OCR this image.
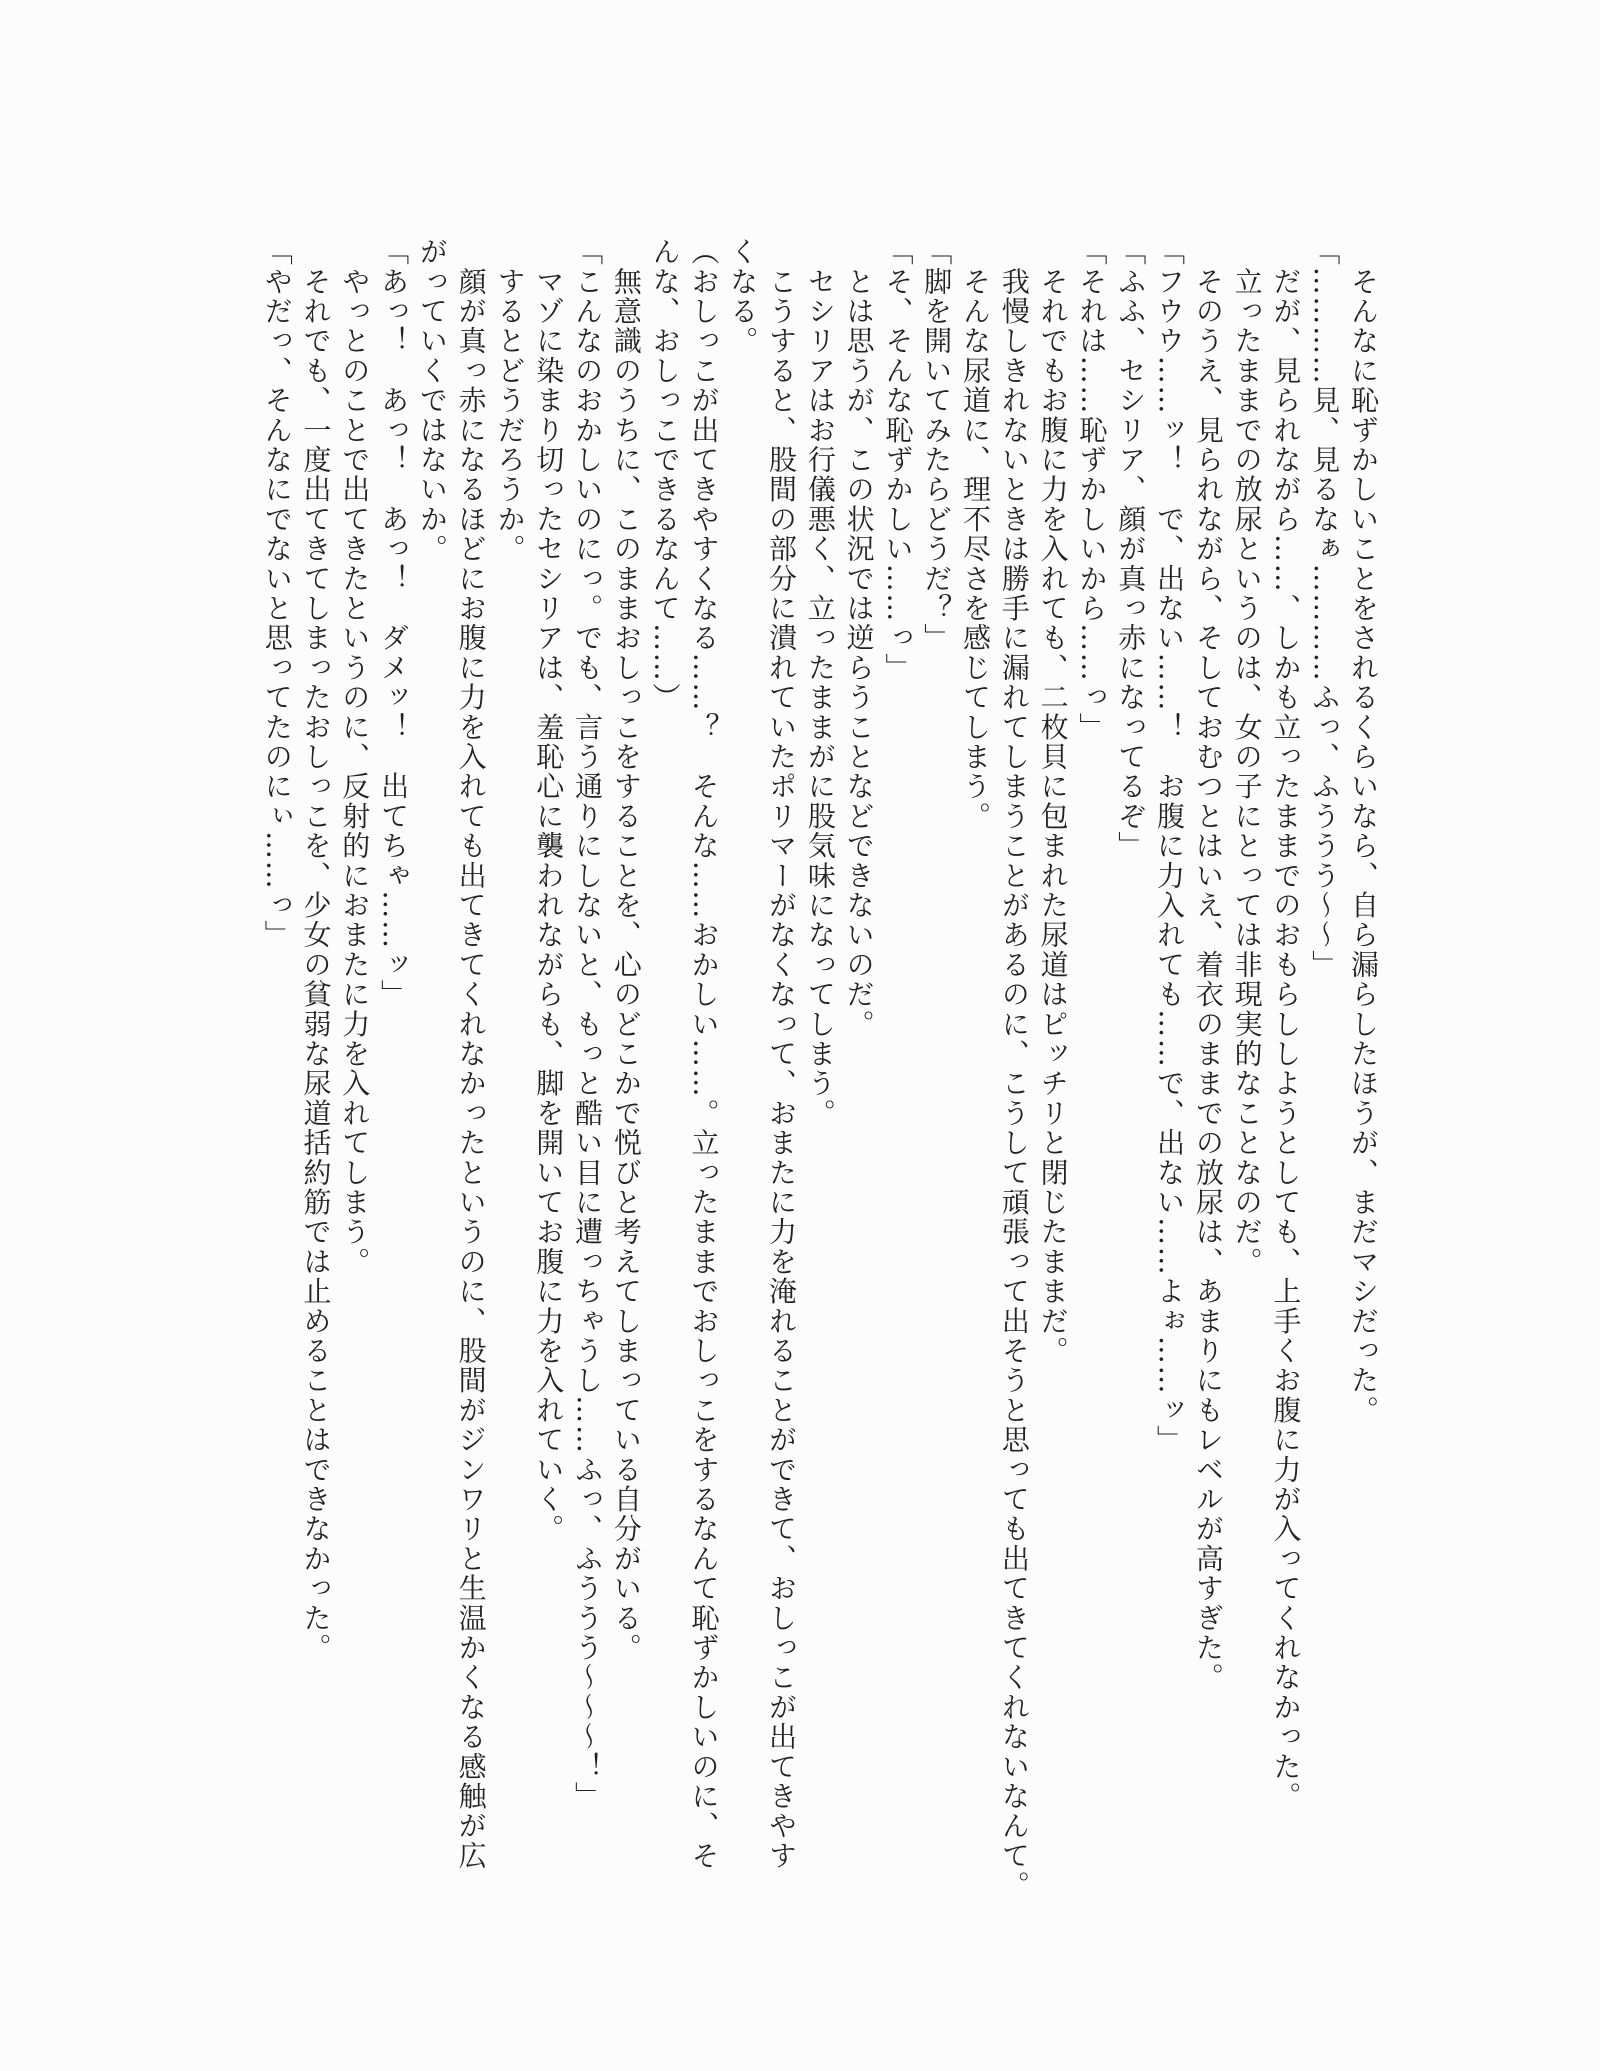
　そんなに恥ずかしいことをされるくらいなら、自ら漏らしたほうが、まだマシだった。

「…………見、見るなぁ…………ふっ、ふううう～～」

　だが、見られながら……、しかも立ったままでのおもらししようとしても、上手くお腹に力が入ってくれなかった。

　立ったままでの放尿というのは、女の子にとっては非現実的なことなのだ。

　そのうえ、見られながら、そしておむつとはいえ、着衣のままでの放尿は、あまりにもレベルが高すぎた。

「フウウ……ッ！　で、出ない……！　お腹に力入れても……で、出ない……よぉ……ッ」

「ふふ、セシリア、顔が真っ赤になってるぞ」

「それは……恥ずかしいから……っ」

　それでもお腹に力を入れても、二枚貝に包まれた尿道はピッチリと閉じたままだ。

　我慢しきれないときは勝手に漏れてしまうことがあるのに、こうして頑張って出そうと思っても出てきてくれないなんて。

　そんな尿道に、理不尽さを感じてしまう。

「脚を開いてみたらどうだ？」

「そ、そんな恥ずかしい……っ」

　とは思うが、この状況では逆らうことなどできないのだ。

　セシリアはお行儀悪く、立ったままがに股気味になってしまう。

　こうすると、股間の部分に潰れていたポリマーがなくなって、おまたに力を淹れることができて、おしっこが出てきやす

くなる。

（おしっこが出てきやすくなる……？　そんな……おかしい……。立ったままでおしっこをするなんて恥ずかしいのに、そ

んな、おしっこできるなんて……）

　無意識のうちに、このままおしっこをすることを、心のどこかで悦びと考えてしまっている自分がいる。

「こんなのおかしいのにっ。でも、言う通りにしないと、もっと酷い目に遭っちゃうし……ふっ、ふううう～～～！」

　マゾに染まり切ったセシリアは、羞恥心に襲われながらも、脚を開いてお腹に力を入れていく。

　するとどうだろうか。

　顔が真っ赤になるほどにお腹に力を入れても出てきてくれなかったというのに、股間がジンワリと生温かくなる感触が広

がっていくではないか。

「あっ！　あっ！　あっ！　ダメッ！　出てちゃ……ッ」

　やっとのことで出てきたというのに、反射的におまたに力を入れてしまう。

　それでも、一度出てきてしまったおしっこを、少女の貧弱な尿道括約筋では止めることはできなかった。

「やだっ、そんなにでないと思ってたのにぃ……っ」
